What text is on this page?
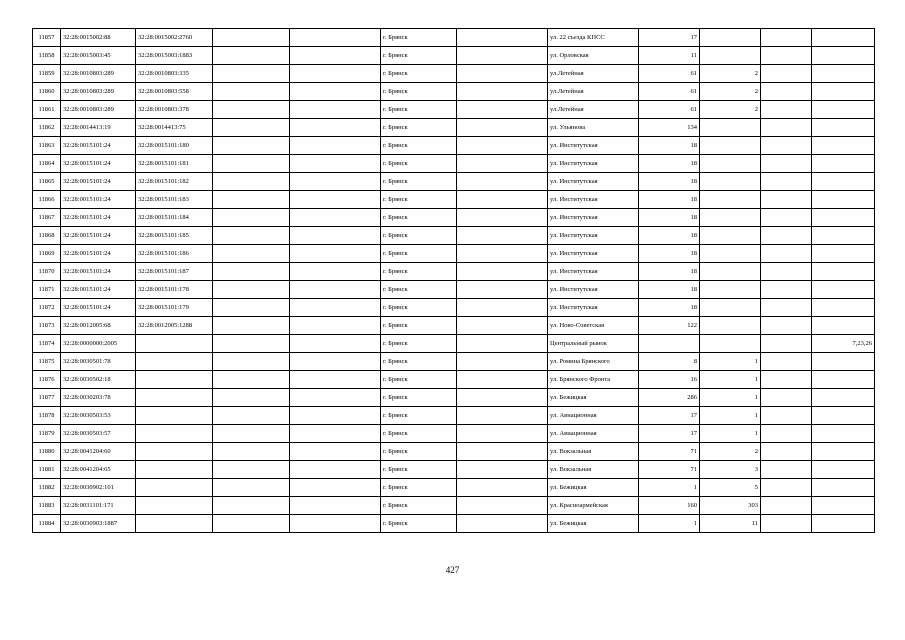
11857	32:28:0015002:88	32:28:0015002:2760			г. Брянск		ул. 22 съезда КПСС	17			
11858	32:28:0015003:45	32:28:0015003:1883			г. Брянск		ул. Орловская	11			
11859	32:28:0010803:289	32:28:0010803:335			г. Брянск		ул.Летейная	61	2		
11860	32:28:0010803:289	32:28:0010803:558			г. Брянск		ул.Летейная	61	2		
11861	32:28:0010803:289	32:28:0010803:378			г. Брянск		ул.Летейная	61	2		
11862	32:28:0014413:19	32:28:0014413:75			г. Брянск		ул. Ульянова	134			
11863	32:28:0015101:24	32:28:0015101:180			г. Брянск		ул. Институтская	18			
11864	32:28:0015101:24	32:28:0015101:181			г. Брянск		ул. Институтская	18			
11865	32:28:0015101:24	32:28:0015101:182			г. Брянск		ул. Институтская	18			
11866	32:28:0015101:24	32:28:0015101:183			г. Брянск		ул. Институтская	18			
11867	32:28:0015101:24	32:28:0015101:184			г. Брянск		ул. Институтская	18			
11868	32:28:0015101:24	32:28:0015101:185			г. Брянск		ул. Институтская	18			
11869	32:28:0015101:24	32:28:0015101:186			г. Брянск		ул. Институтская	18			
11870	32:28:0015101:24	32:28:0015101:187			г. Брянск		ул. Институтская	18			
11871	32:28:0015101:24	32:28:0015101:178			г. Брянск		ул. Институтская	18			
11872	32:28:0015101:24	32:28:0015101:179			г. Брянск		ул. Институтская	18			
11873	32:28:0012005:68	32:28:0012005:1288			г. Брянск		ул. Ново-Советская	122			
11874	32:28:0000000:2005				г. Брянск		Центральный рынок				7,23,26
11875	32:28:0030501:78				г. Брянск		ул. Ромина Брянского	8	1		
11876	32:28:0030502:18				г. Брянск		ул. Брянского Фронта	16	1		
11877	32:28:0030203:78				г. Брянск		ул. Бежицкая	286	1		
11878	32:28:0030503:53				г. Брянск		ул. Авиационная	17	1		
11879	32:28:0030503:57				г. Брянск		ул. Авиационная	17	1		
11880	32:28:0041204:60				г. Брянск		ул. Вокзальная	71	2		
11881	32:28:0041204:65				г. Брянск		ул. Вокзальная	71	3		
11882	32:28:0030902:101				г. Брянск		ул. Бежицкая	1	5		
11883	32:28:0031101:171				г. Брянск		ул. Красноармейская	160	303		
11884	32:28:0030903:1887				г. Брянск		ул. Бежицкая	1	11		
427
